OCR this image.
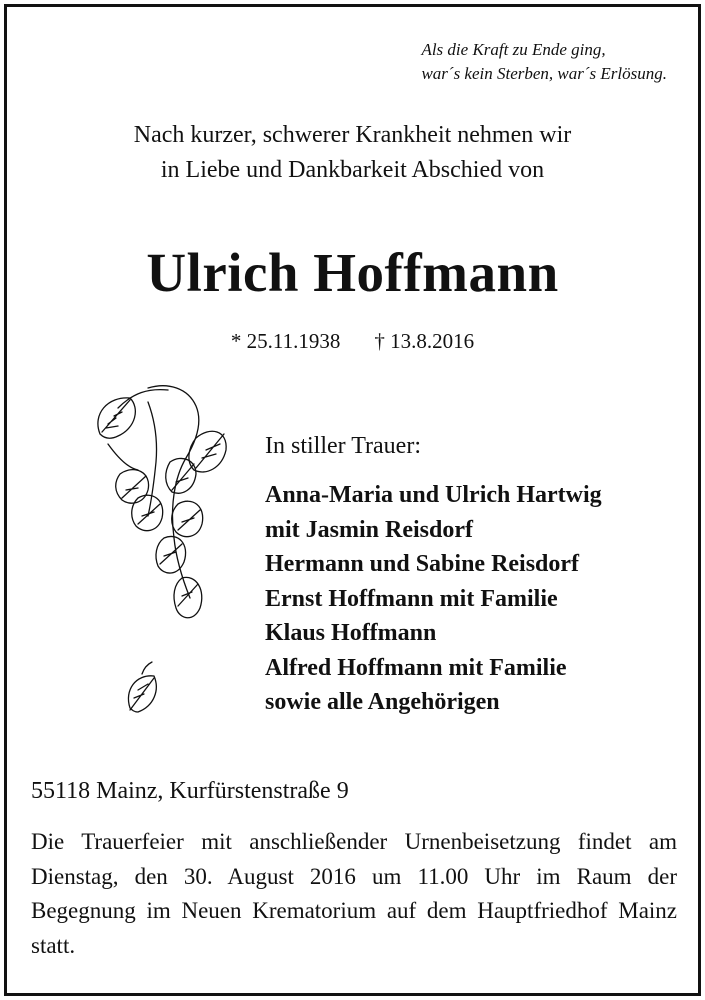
Als die Kraft zu Ende ging,
war´s kein Sterben, war´s Erlösung.
Nach kurzer, schwerer Krankheit nehmen wir
in Liebe und Dankbarkeit Abschied von
Ulrich Hoffmann
* 25.11.1938 † 13.8.2016
In stiller Trauer:
Anna-Maria und Ulrich Hartwig
mit Jasmin Reisdorf
Hermann und Sabine Reisdorf
Ernst Hoffmann mit Familie
Klaus Hoffmann
Alfred Hoffmann mit Familie
sowie alle Angehörigen
55118 Mainz, Kurfürstenstraße 9

Die Trauerfeier mit anschließender Urnenbeisetzung findet am Dienstag, den 30. August 2016 um 11.00 Uhr im Raum der Begegnung im Neuen Krematorium auf dem Hauptfriedhof Mainz statt.
